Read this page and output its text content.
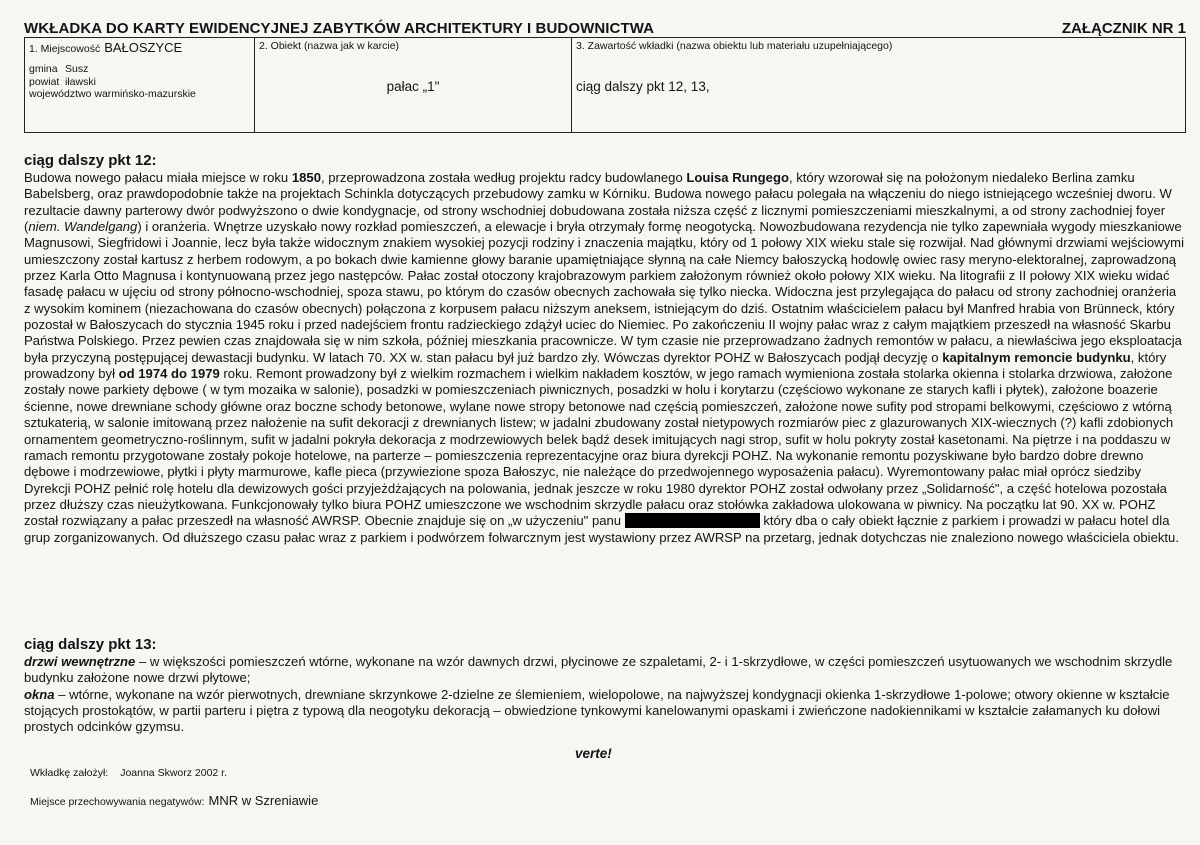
WKŁADKA DO KARTY EWIDENCYJNEJ ZABYTKÓW ARCHITEKTURY I BUDOWNICTWA	ZAŁĄCZNIK NR 1
1. Miejscowość BAŁOSZYCE
gmina Susz
powiat iławski
województwo warmińsko-mazurskie
2. Obiekt (nazwa jak w karcie)
pałac „1"
3. Zawartość wkładki (nazwa obiektu lub materiału uzupełniającego)
ciąg dalszy pkt 12, 13,
ciąg dalszy pkt 12:

Budowa nowego pałacu miała miejsce w roku 1850, przeprowadzona została według projektu radcy budowlanego Louisa Rungego, który wzorował się na położonym niedaleko Berlina zamku Babelsberg, oraz prawdopodobnie także na projektach Schinkla dotyczących przebudowy zamku w Kórniku. Budowa nowego pałacu polegała na włączeniu do niego istniejącego wcześniej dworu. W rezultacie dawny parterowy dwór podwyższono o dwie kondygnacje, od strony wschodniej dobudowana została niższa część z licznymi pomieszczeniami mieszkalnymi, a od strony zachodniej foyer (niem. Wandelgang) i oranżeria. Wnętrze uzyskało nowy rozkład pomieszczeń, a elewacje i bryła otrzymały formę neogotycką. Nowozbudowana rezydencja nie tylko zapewniała wygody mieszkaniowe Magnusowi, Siegfridowi i Joannie, lecz była także widocznym znakiem wysokiej pozycji rodziny i znaczenia majątku, który od 1 połowy XIX wieku stale się rozwijał. Nad głównymi drzwiami wejściowymi umieszczony został kartusz z herbem rodowym, a po bokach dwie kamienne głowy baranie upamiętniające słynną na całe Niemcy bałoszycką hodowlę owiec rasy meryno-elektoralnej, zaprowadzoną przez Karla Otto Magnusa i kontynuowaną przez jego następców. Pałac został otoczony krajobrazowym parkiem założonym również około połowy XIX wieku. Na litografii z II połowy XIX wieku widać fasadę pałacu w ujęciu od strony północno-wschodniej, spoza stawu, po którym do czasów obecnych zachowała się tylko niecka. Widoczna jest przylegająca do pałacu od strony zachodniej oranżeria z wysokim kominem (niezachowana do czasów obecnych) połączona z korpusem pałacu niższym aneksem, istniejącym do dziś. Ostatnim właścicielem pałacu był Manfred hrabia von Brünneck, który pozostał w Bałoszycach do stycznia 1945 roku i przed nadejściem frontu radzieckiego zdążył uciec do Niemiec. Po zakończeniu II wojny pałac wraz z całym majątkiem przeszedł na własność Skarbu Państwa Polskiego. Przez pewien czas znajdowała się w nim szkoła, później mieszkania pracownicze. W tym czasie nie przeprowadzano żadnych remontów w pałacu, a niewłaściwa jego eksploatacja była przyczyną postępującej dewastacji budynku. W latach 70. XX w. stan pałacu był już bardzo zły. Wówczas dyrektor POHZ w Bałoszycach podjął decyzję o kapitalnym remoncie budynku, który prowadzony był od 1974 do 1979 roku. Remont prowadzony był z wielkim rozmachem i wielkim nakładem kosztów, w jego ramach wymieniona została stolarka okienna i stolarka drzwiowa, założone zostały nowe parkiety dębowe ( w tym mozaika w salonie), posadzki w pomieszczeniach piwnicznych, posadzki w holu i korytarzu (częściowo wykonane ze starych kafli i płytek), założone boazerie ścienne, nowe drewniane schody główne oraz boczne schody betonowe, wylane nowe stropy betonowe nad częścią pomieszczeń, założone nowe sufity pod stropami belkowymi, częściowo z wtórną sztukaterią, w salonie imitowaną przez nałożenie na sufit dekoracji z drewnianych listew; w jadalni zbudowany został nietypowych rozmiarów piec z glazurowanych XIX-wiecznych (?) kafli zdobionych ornamentem geometryczno-roślinnym, sufit w jadalni pokryła dekoracja z modrzewiowych belek bądź desek imitujących nagi strop, sufit w holu pokryty został kasetonami. Na piętrze i na poddaszu w ramach remontu przygotowane zostały pokoje hotelowe, na parterze – pomieszczenia reprezentacyjne oraz biura dyrekcji POHZ. Na wykonanie remontu pozyskiwane było bardzo dobre drewno dębowe i modrzewiowe, płytki i płyty marmurowe, kafle pieca (przywiezione spoza Bałoszyc, nie należące do przedwojennego wyposażenia pałacu). Wyremontowany pałac miał oprócz siedziby Dyrekcji POHZ pełnić rolę hotelu dla dewizowych gości przyjeżdżających na polowania, jednak jeszcze w roku 1980 dyrektor POHZ został odwołany przez „Solidarność", a część hotelowa pozostała przez dłuższy czas nieużytkowana. Funkcjonowały tylko biura POHZ umieszczone we wschodnim skrzydle pałacu oraz stołówka zakładowa ulokowana w piwnicy. Na początku lat 90. XX w. POHZ został rozwiązany a pałac przeszedł na własność AWRSP. Obecnie znajduje się on „w użyczeniu" panu	który dba o cały obiekt łącznie z parkiem i prowadzi w pałacu hotel dla grup zorganizowanych. Od dłuższego czasu pałac wraz z parkiem i podwórzem folwarcznym jest wystawiony przez AWRSP na przetarg, jednak dotychczas nie znaleziono nowego właściciela obiektu.

ciąg dalszy pkt 13:

drzwi wewnętrzne – w większości pomieszczeń wtórne, wykonane na wzór dawnych drzwi, płycinowe ze szpaletami, 2- i 1-skrzydłowe, w części pomieszczeń usytuowanych we wschodnim skrzydle budynku założone nowe drzwi płytowe;

okna – wtórne, wykonane na wzór pierwotnych, drewniane skrzynkowe 2-dzielne ze ślemieniem, wielopolowe, na najwyższej kondygnacji okienka 1-skrzydłowe 1-polowe; otwory okienne w kształcie stojących prostokątów, w partii parteru i piętra z typową dla neogotyku dekoracją – obwiedzione tynkowymi kanelowanymi opaskami i zwieńczone nadokiennikami w kształcie załamanych ku dołowi prostych odcinków gzymsu.

verte!
Wkładkę założył: Joanna Skworz 2002 r.
Miejsce przechowywania negatywów: MNR w Szreniawie
